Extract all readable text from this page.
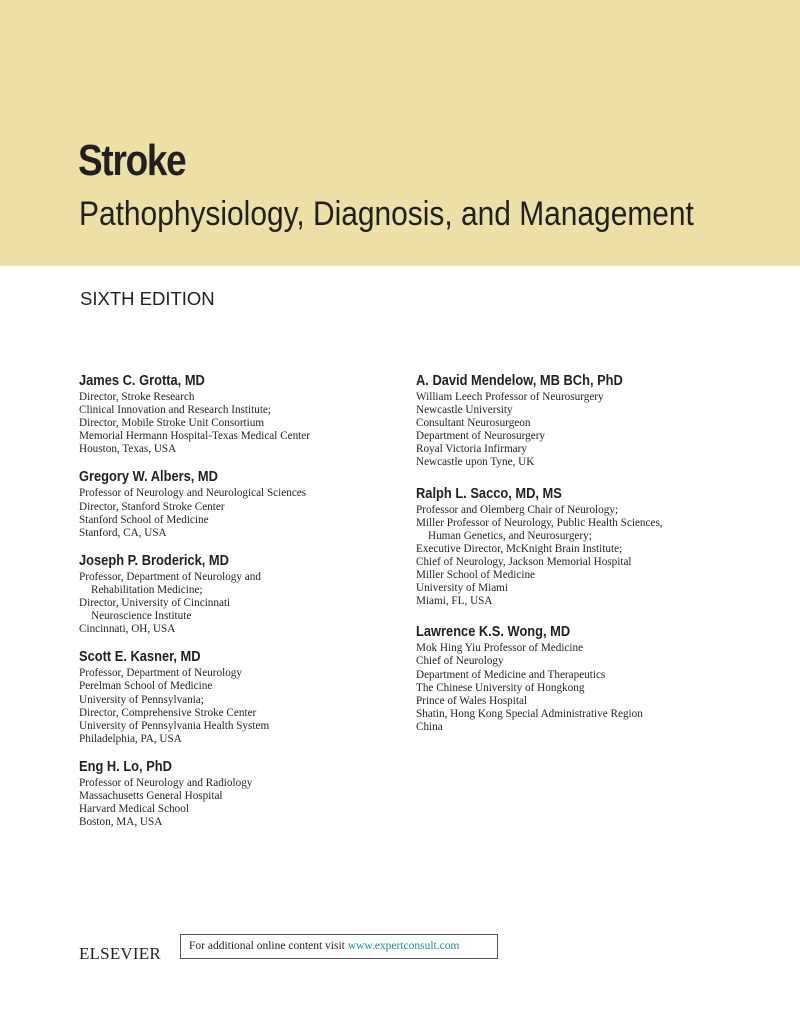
Stroke
Pathophysiology, Diagnosis, and Management
SIXTH EDITION
James C. Grotta, MD
Director, Stroke Research
Clinical Innovation and Research Institute;
Director, Mobile Stroke Unit Consortium
Memorial Hermann Hospital-Texas Medical Center
Houston, Texas, USA
Gregory W. Albers, MD
Professor of Neurology and Neurological Sciences
Director, Stanford Stroke Center
Stanford School of Medicine
Stanford, CA, USA
Joseph P. Broderick, MD
Professor, Department of Neurology and
Rehabilitation Medicine;
Director, University of Cincinnati
Neuroscience Institute
Cincinnati, OH, USA
Scott E. Kasner, MD
Professor, Department of Neurology
Perelman School of Medicine
University of Pennsylvania;
Director, Comprehensive Stroke Center
University of Pennsylvania Health System
Philadelphia, PA, USA
Eng H. Lo, PhD
Professor of Neurology and Radiology
Massachusetts General Hospital
Harvard Medical School
Boston, MA, USA
A. David Mendelow, MB BCh, PhD
William Leech Professor of Neurosurgery
Newcastle University
Consultant Neurosurgeon
Department of Neurosurgery
Royal Victoria Infirmary
Newcastle upon Tyne, UK
Ralph L. Sacco, MD, MS
Professor and Olemberg Chair of Neurology;
Miller Professor of Neurology, Public Health Sciences,
Human Genetics, and Neurosurgery;
Executive Director, McKnight Brain Institute;
Chief of Neurology, Jackson Memorial Hospital
Miller School of Medicine
University of Miami
Miami, FL, USA
Lawrence K.S. Wong, MD
Mok Hing Yiu Professor of Medicine
Chief of Neurology
Department of Medicine and Therapeutics
The Chinese University of Hongkong
Prince of Wales Hospital
Shatin, Hong Kong Special Administrative Region
China
ELSEVIER	For additional online content visit www.expertconsult.com
